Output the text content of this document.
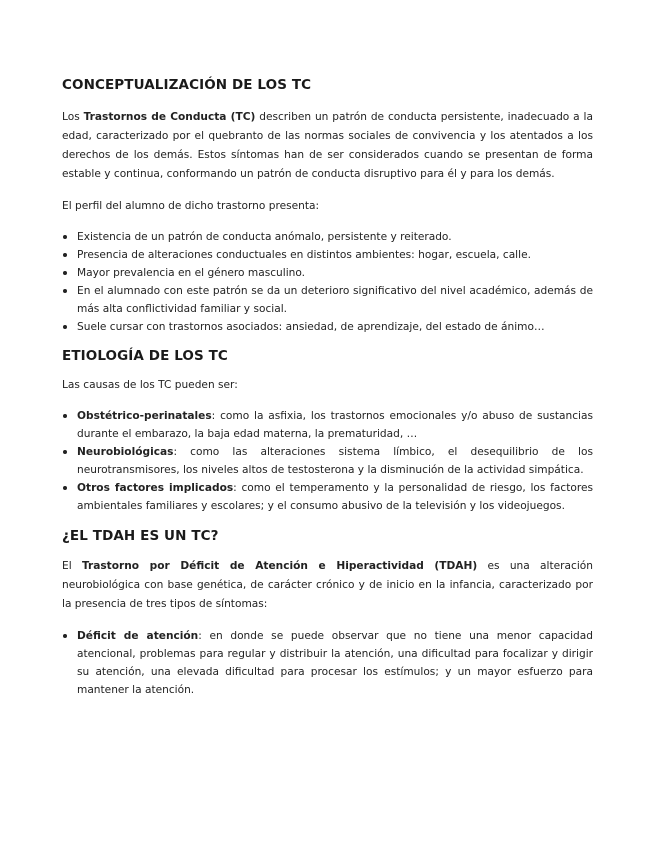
CONCEPTUALIZACIÓN DE LOS TC

Los Trastornos de Conducta (TC) describen un patrón de conducta persistente, inadecuado a la edad, caracterizado por el quebranto de las normas sociales de convivencia y los atentados a los derechos de los demás. Estos síntomas han de ser considerados cuando se presentan de forma estable y continua, conformando un patrón de conducta disruptivo para él y para los demás.

El perfil del alumno de dicho trastorno presenta:

Existencia de un patrón de conducta anómalo, persistente y reiterado.
Presencia de alteraciones conductuales en distintos ambientes: hogar, escuela, calle.
Mayor prevalencia en el género masculino.
En el alumnado con este patrón se da un deterioro significativo del nivel académico, además de más alta conflictividad familiar y social.
Suele cursar con trastornos asociados: ansiedad, de aprendizaje, del estado de ánimo…
ETIOLOGÍA DE LOS TC

Las causas de los TC pueden ser:

Obstétrico-perinatales: como la asfixia, los trastornos emocionales y/o abuso de sustancias durante el embarazo, la baja edad materna, la prematuridad, …
Neurobiológicas: como las alteraciones sistema límbico, el desequilibrio de los neurotransmisores, los niveles altos de testosterona y la disminución de la actividad simpática.
Otros factores implicados: como el temperamento y la personalidad de riesgo, los factores ambientales familiares y escolares; y el consumo abusivo de la televisión y los videojuegos.
¿EL TDAH ES UN TC?

El Trastorno por Déficit de Atención e Hiperactividad (TDAH) es una alteración neurobiológica con base genética, de carácter crónico y de inicio en la infancia, caracterizado por la presencia de tres tipos de síntomas:

Déficit de atención: en donde se puede observar que no tiene una menor capacidad atencional, problemas para regular y distribuir la atención, una dificultad para focalizar y dirigir su atención, una elevada dificultad para procesar los estímulos; y un mayor esfuerzo para mantener la atención.
